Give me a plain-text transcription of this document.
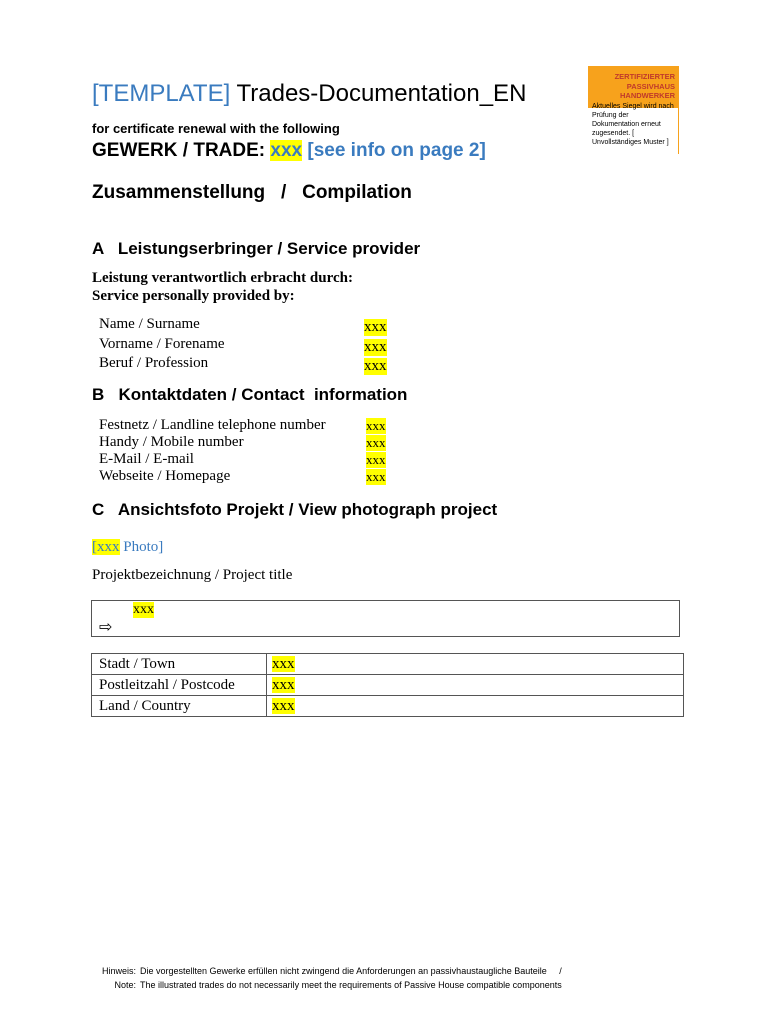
[TEMPLATE] Trades-Documentation_EN
for certificate renewal with the following
GEWERK / TRADE: xxx [see info on page 2]
ZERTIFIZIERTER
PASSIVHAUS
HANDWERKER
Aktuelles Siegel wird nach Prüfung der Dokumentation erneut zugesendet. [ Unvollständiges Muster ]
Zusammenstellung   /   Compilation
A   Leistungserbringer / Service provider
Leistung verantwortlich erbracht durch:
Service personally provided by:
Name / Surname	xxx
Vorname / Forename	xxx
Beruf / Profession	xxx
B   Kontaktdaten / Contact  information
Festnetz / Landline telephone number	xxx
Handy / Mobile number	xxx
E-Mail / E-mail	xxx
Webseite / Homepage	xxx
C   Ansichtsfoto Projekt / View photograph project
[xxx Photo]
Projektbezeichnung / Project title
⇨
xxx
Stadt / Town	xxx
Postleitzahl / Postcode	xxx
Land / Country	xxx
Hinweis: Die vorgestellten Gewerke erfüllen nicht zwingend die Anforderungen an passivhaustaugliche Bauteile     /
Note: The illustrated trades do not necessarily meet the requirements of Passive House compatible components
